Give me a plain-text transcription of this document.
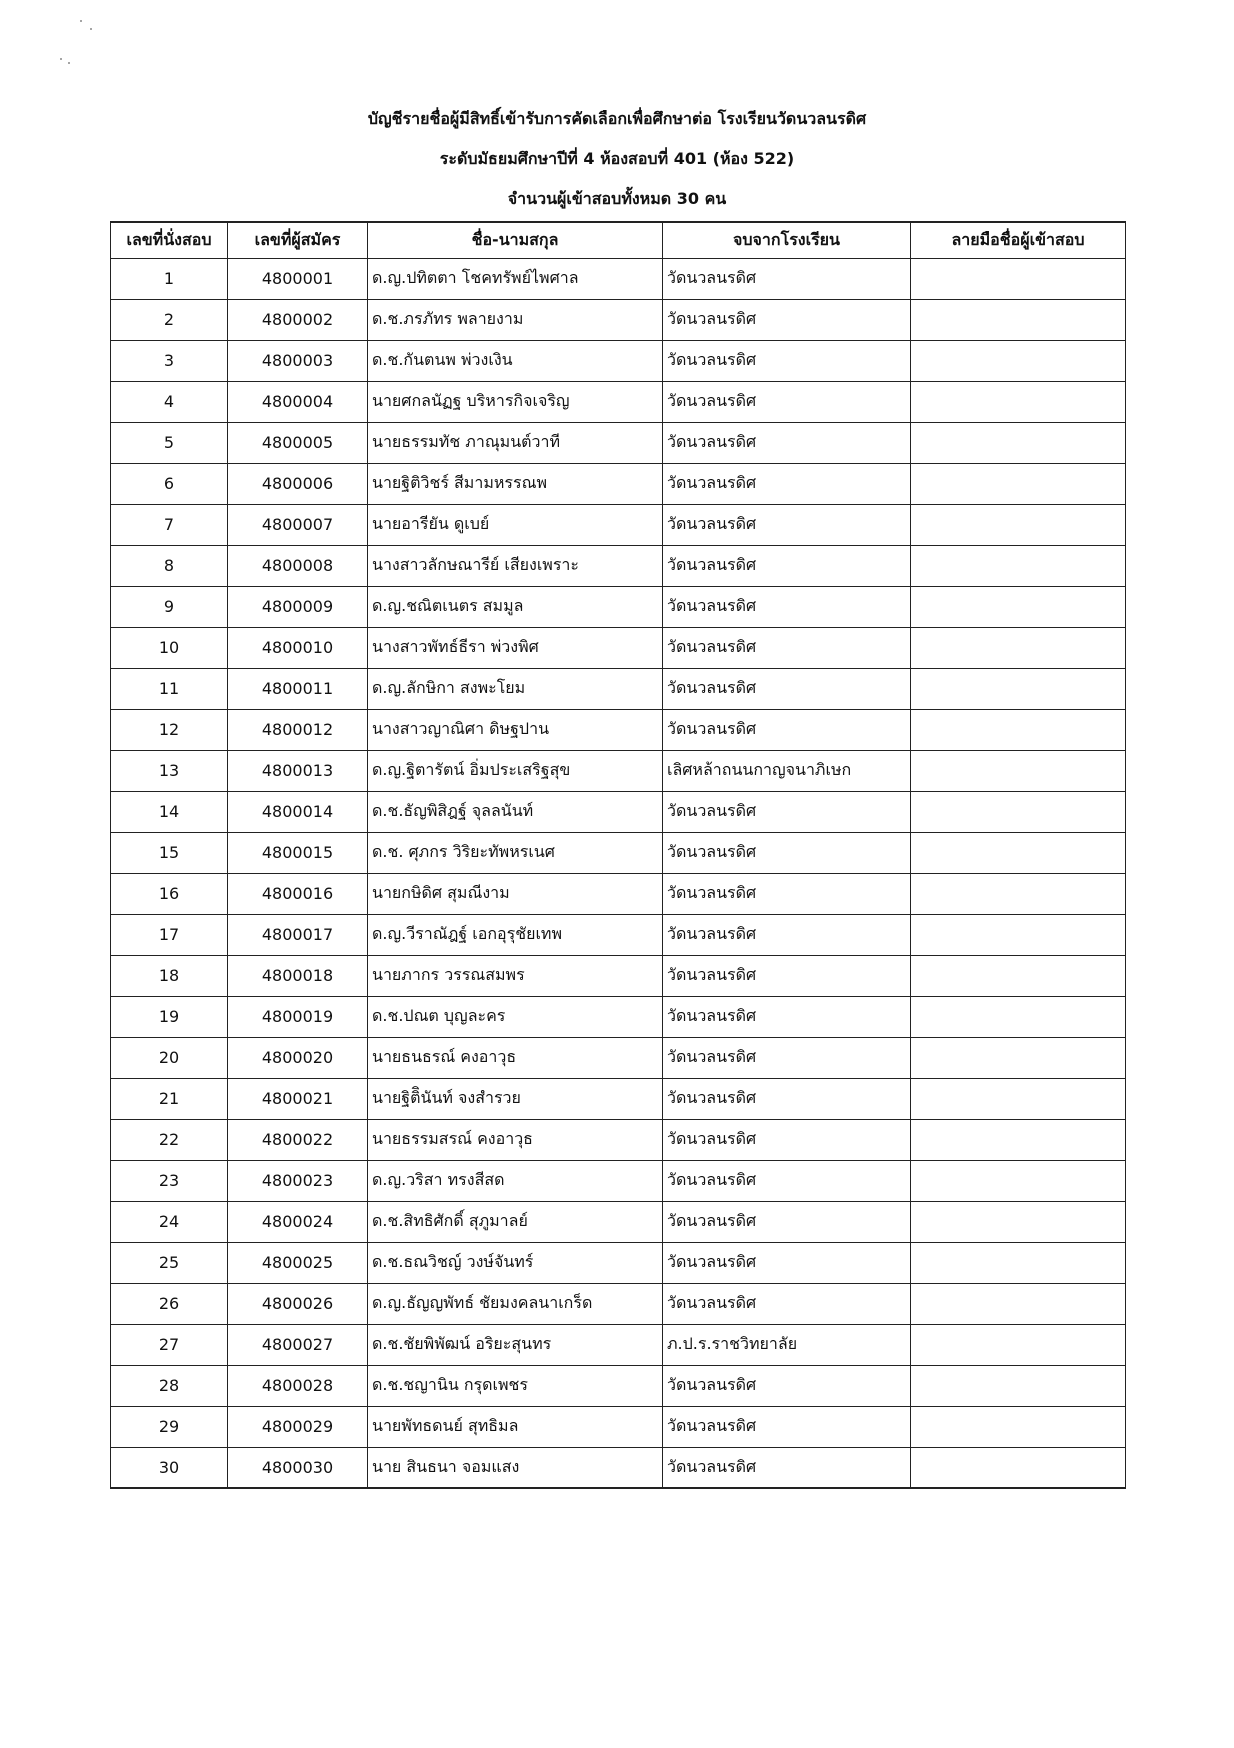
บัญชีรายชื่อผู้มีสิทธิ์เข้ารับการคัดเลือกเพื่อศึกษาต่อ โรงเรียนวัดนวลนรดิศ
ระดับมัธยมศึกษาปีที่ 4 ห้องสอบที่ 401 (ห้อง 522)
จำนวนผู้เข้าสอบทั้งหมด 30 คน
เลขที่นั่งสอบ	เลขที่ผู้สมัคร	ชื่อ-นามสกุล	จบจากโรงเรียน	ลายมือชื่อผู้เข้าสอบ
1	4800001	ด.ญ.ปทิตตา โชคทรัพย์ไพศาล	วัดนวลนรดิศ	
2	4800002	ด.ช.ภรภัทร พลายงาม	วัดนวลนรดิศ	
3	4800003	ด.ช.กันตนพ พ่วงเงิน	วัดนวลนรดิศ	
4	4800004	นายศกลนัฏฐ บริหารกิจเจริญ	วัดนวลนรดิศ	
5	4800005	นายธรรมทัช ภาณุมนต์วาที	วัดนวลนรดิศ	
6	4800006	นายฐิติวิชร์ สีมามหรรณพ	วัดนวลนรดิศ	
7	4800007	นายอารียัน ดูเบย์	วัดนวลนรดิศ	
8	4800008	นางสาวลักษณารีย์ เสียงเพราะ	วัดนวลนรดิศ	
9	4800009	ด.ญ.ชณิตเนตร สมมูล	วัดนวลนรดิศ	
10	4800010	นางสาวพัทธ์ธีรา พ่วงพิศ	วัดนวลนรดิศ	
11	4800011	ด.ญ.ลักษิกา สงพะโยม	วัดนวลนรดิศ	
12	4800012	นางสาวญาณิศา ดิษฐปาน	วัดนวลนรดิศ	
13	4800013	ด.ญ.ฐิตารัตน์ อิ่มประเสริฐสุข	เลิศหล้าถนนกาญจนาภิเษก	
14	4800014	ด.ช.ธัญพิสิฎฐ์ จุลลนันท์	วัดนวลนรดิศ	
15	4800015	ด.ช. ศุภกร วิริยะทัพหรเนศ	วัดนวลนรดิศ	
16	4800016	นายกษิดิศ สุมณีงาม	วัดนวลนรดิศ	
17	4800017	ด.ญ.วีราณัฎฐ์ เอกอุรุชัยเทพ	วัดนวลนรดิศ	
18	4800018	นายภากร วรรณสมพร	วัดนวลนรดิศ	
19	4800019	ด.ช.ปณต บุญละคร	วัดนวลนรดิศ	
20	4800020	นายธนธรณ์ คงอาวุธ	วัดนวลนรดิศ	
21	4800021	นายฐิติินันท์ จงสำรวย	วัดนวลนรดิศ	
22	4800022	นายธรรมสรณ์ คงอาวุธ	วัดนวลนรดิศ	
23	4800023	ด.ญ.วริสา ทรงสีสด	วัดนวลนรดิศ	
24	4800024	ด.ช.สิทธิศักดิ์ สุภูมาลย์	วัดนวลนรดิศ	
25	4800025	ด.ช.ธณวิชญ์ วงษ์จันทร์	วัดนวลนรดิศ	
26	4800026	ด.ญ.ธัญญพัทธ์ ชัยมงคลนาเกร็ด	วัดนวลนรดิศ	
27	4800027	ด.ช.ชัยพิพัฒน์ อริยะสุนทร	ภ.ป.ร.ราชวิทยาลัย	
28	4800028	ด.ช.ชญานิน กรุดเพชร	วัดนวลนรดิศ	
29	4800029	นายพัทธดนย์ สุทธิมล	วัดนวลนรดิศ	
30	4800030	นาย สินธนา จอมแสง	วัดนวลนรดิศ	
